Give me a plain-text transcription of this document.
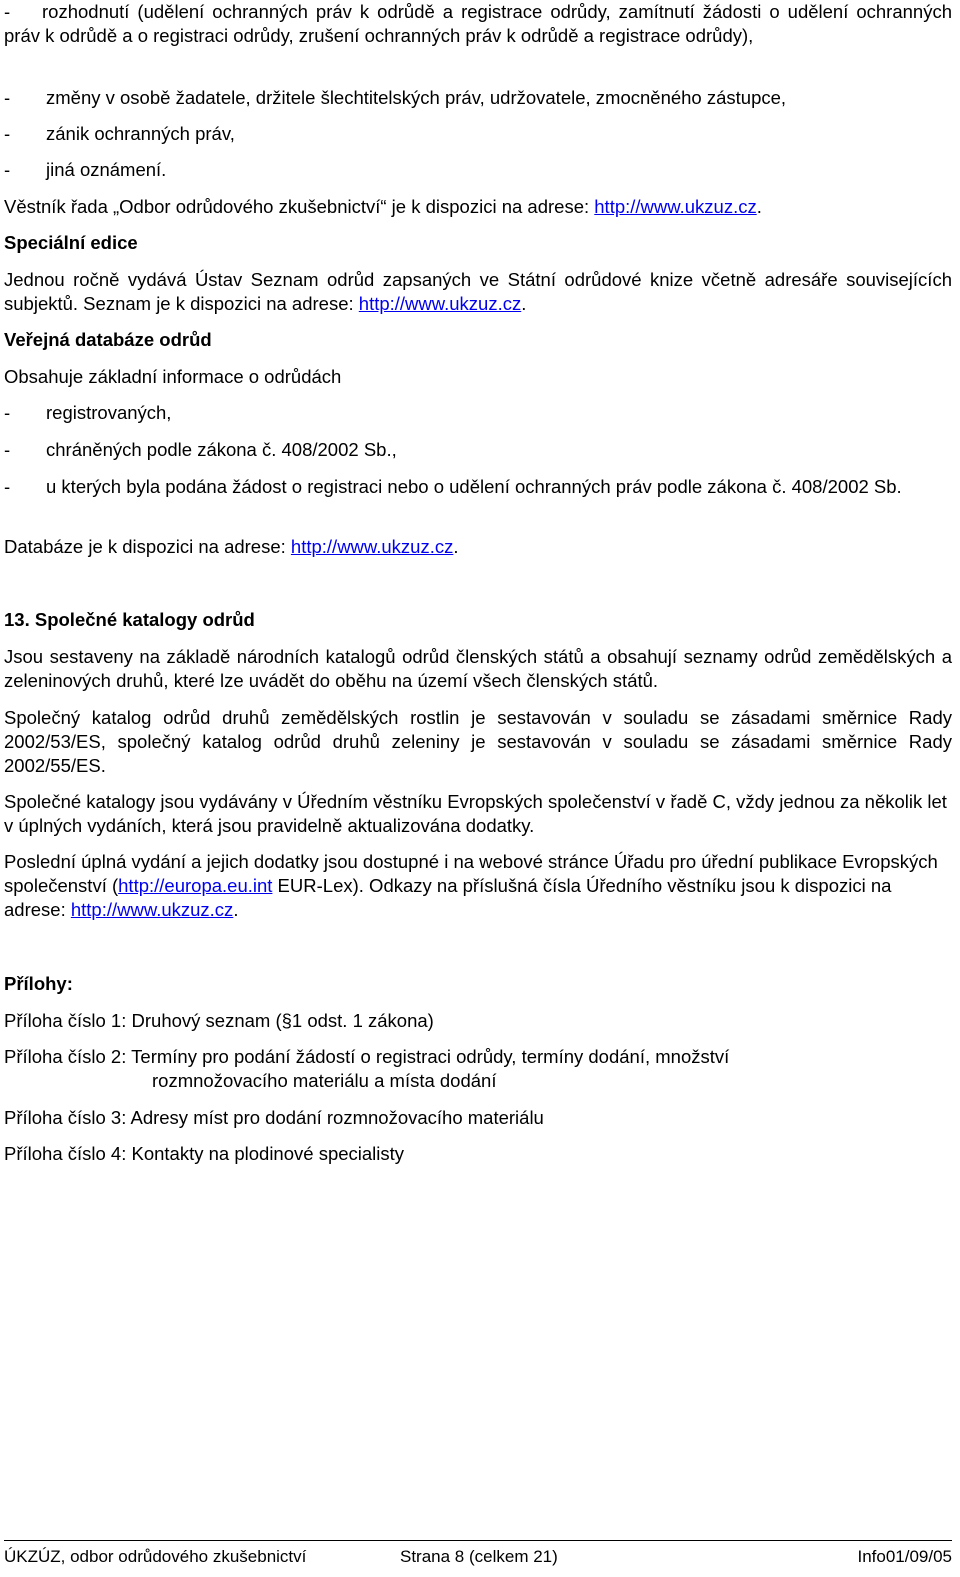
-	rozhodnutí (udělení ochranných práv k odrůdě a registrace odrůdy, zamítnutí žádosti o udělení ochranných práv k odrůdě a o registraci odrůdy, zrušení ochranných práv k odrůdě a registrace odrůdy),
- změny v osobě žadatele, držitele šlechtitelských práv, udržovatele, zmocněného zástupce,
- zánik ochranných práv,
- jiná oznámení.
Věstník řada „Odbor odrůdového zkušebnictví“ je k dispozici na adrese: http://www.ukzuz.cz.
Speciální edice
Jednou ročně vydává Ústav Seznam odrůd zapsaných ve Státní odrůdové knize včetně adresáře souvisejících subjektů. Seznam je k dispozici na adrese: http://www.ukzuz.cz.
Veřejná databáze odrůd
Obsahuje základní informace o odrůdách
- registrovaných,
- chráněných podle zákona č. 408/2002 Sb.,
-	u kterých byla podána žádost o registraci nebo o udělení ochranných práv podle zákona č. 408/2002 Sb.
Databáze je k dispozici na adrese: http://www.ukzuz.cz.
13. Společné katalogy odrůd
Jsou sestaveny na základě národních katalogů odrůd členských států a obsahují seznamy odrůd zemědělských a zeleninových druhů, které lze uvádět do oběhu na území všech členských států.
Společný katalog odrůd druhů zemědělských rostlin je sestavován v souladu se zásadami směrnice Rady 2002/53/ES, společný katalog odrůd druhů zeleniny je sestavován v souladu se zásadami směrnice Rady 2002/55/ES.
Společné katalogy jsou vydávány v Úředním věstníku Evropských společenství v řadě C, vždy jednou za několik let v úplných vydáních, která jsou pravidelně aktualizována dodatky.
Poslední úplná vydání a jejich dodatky jsou dostupné i na webové stránce Úřadu pro úřední publikace Evropských společenství (http://europa.eu.int EUR-Lex). Odkazy na příslušná čísla Úředního věstníku jsou k dispozici na adrese: http://www.ukzuz.cz.
Přílohy:
Příloha číslo 1: Druhový seznam (§1 odst. 1 zákona)
Příloha číslo 2: Termíny pro podání žádostí o registraci odrůdy, termíny dodání, množství
rozmnožovacího materiálu a místa dodání
Příloha číslo 3: Adresy míst pro dodání rozmnožovacího materiálu
Příloha číslo 4: Kontakty na plodinové specialisty
ÚKZÚZ, odbor odrůdového zkušebnictví	Strana 8 (celkem 21)	Info01/09/05
